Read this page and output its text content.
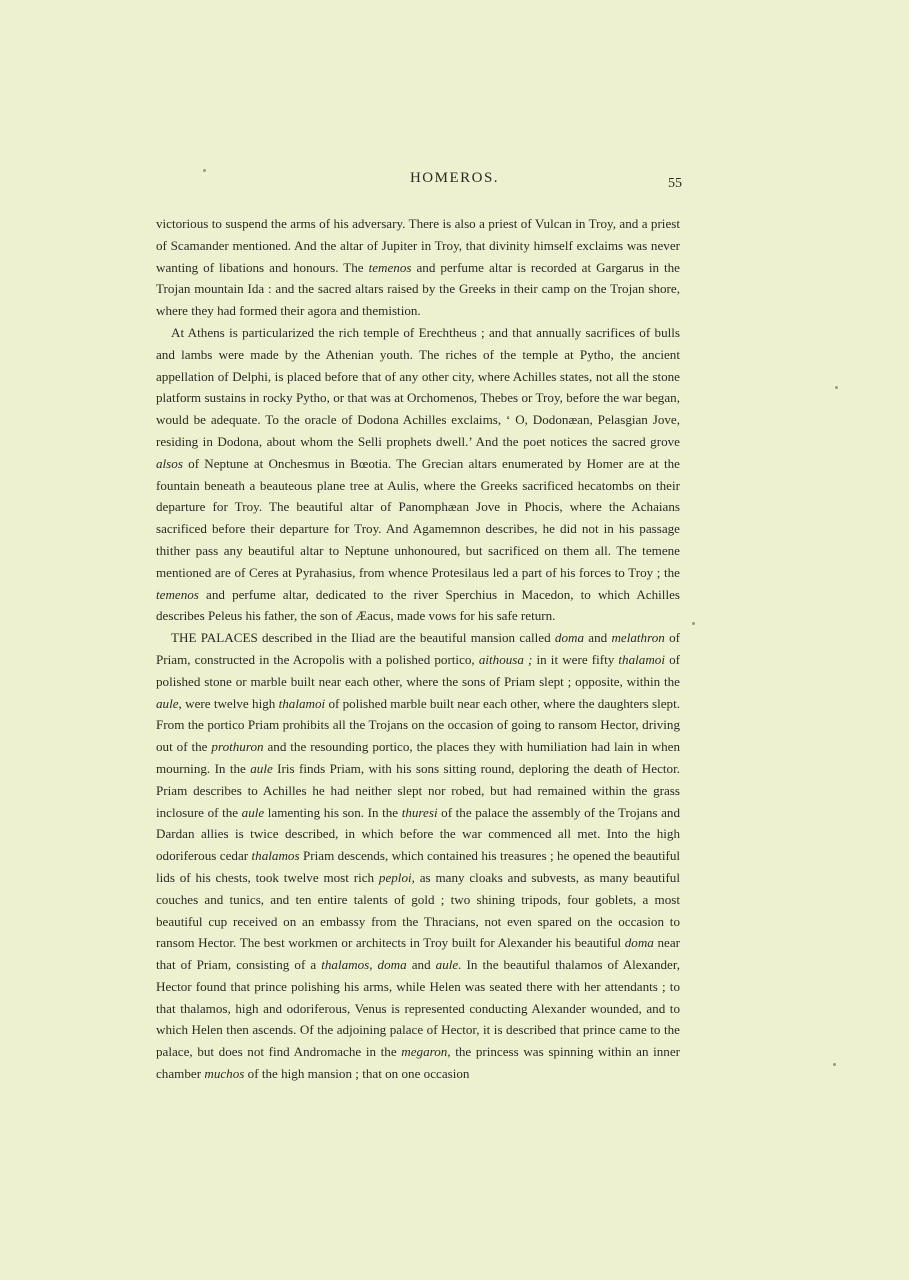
HOMEROS.	55

victorious to suspend the arms of his adversary. There is also a priest of Vulcan in Troy, and a priest of Scamander mentioned. And the altar of Jupiter in Troy, that divinity himself exclaims was never wanting of libations and honours. The temenos and perfume altar is recorded at Gargarus in the Trojan mountain Ida : and the sacred altars raised by the Greeks in their camp on the Trojan shore, where they had formed their agora and themistion.

At Athens is particularized the rich temple of Erechtheus ; and that annually sacrifices of bulls and lambs were made by the Athenian youth. The riches of the temple at Pytho, the ancient appellation of Delphi, is placed before that of any other city, where Achilles states, not all the stone platform sustains in rocky Pytho, or that was at Orchomenos, Thebes or Troy, before the war began, would be adequate. To the oracle of Dodona Achilles exclaims, ‘ O, Dodonæan, Pelasgian Jove, residing in Dodona, about whom the Selli prophets dwell.’ And the poet notices the sacred grove alsos of Neptune at Onchesmus in Bœotia. The Grecian altars enumerated by Homer are at the fountain beneath a beauteous plane tree at Aulis, where the Greeks sacrificed hecatombs on their departure for Troy. The beautiful altar of Panomphæan Jove in Phocis, where the Achaians sacrificed before their departure for Troy. And Agamemnon describes, he did not in his passage thither pass any beautiful altar to Neptune unhonoured, but sacrificed on them all. The temene mentioned are of Ceres at Pyrahasius, from whence Protesilaus led a part of his forces to Troy ; the temenos and perfume altar, dedicated to the river Sperchius in Macedon, to which Achilles describes Peleus his father, the son of Æacus, made vows for his safe return.

THE PALACES described in the Iliad are the beautiful mansion called doma and melathron of Priam, constructed in the Acropolis with a polished portico, aithousa ; in it were fifty thalamoi of polished stone or marble built near each other, where the sons of Priam slept ; opposite, within the aule, were twelve high thalamoi of polished marble built near each other, where the daughters slept. From the portico Priam prohibits all the Trojans on the occasion of going to ransom Hector, driving out of the prothuron and the resounding portico, the places they with humiliation had lain in when mourning. In the aule Iris finds Priam, with his sons sitting round, deploring the death of Hector. Priam describes to Achilles he had neither slept nor robed, but had remained within the grass inclosure of the aule lamenting his son. In the thuresi of the palace the assembly of the Trojans and Dardan allies is twice described, in which before the war commenced all met. Into the high odoriferous cedar thalamos Priam descends, which contained his treasures ; he opened the beautiful lids of his chests, took twelve most rich peploi, as many cloaks and subvests, as many beautiful couches and tunics, and ten entire talents of gold ; two shining tripods, four goblets, a most beautiful cup received on an embassy from the Thracians, not even spared on the occasion to ransom Hector. The best workmen or architects in Troy built for Alexander his beautiful doma near that of Priam, consisting of a thalamos, doma and aule. In the beautiful thalamos of Alexander, Hector found that prince polishing his arms, while Helen was seated there with her attendants ; to that thalamos, high and odoriferous, Venus is represented conducting Alexander wounded, and to which Helen then ascends. Of the adjoining palace of Hector, it is described that prince came to the palace, but does not find Andromache in the megaron, the princess was spinning within an inner chamber muchos of the high mansion ; that on one occasion
